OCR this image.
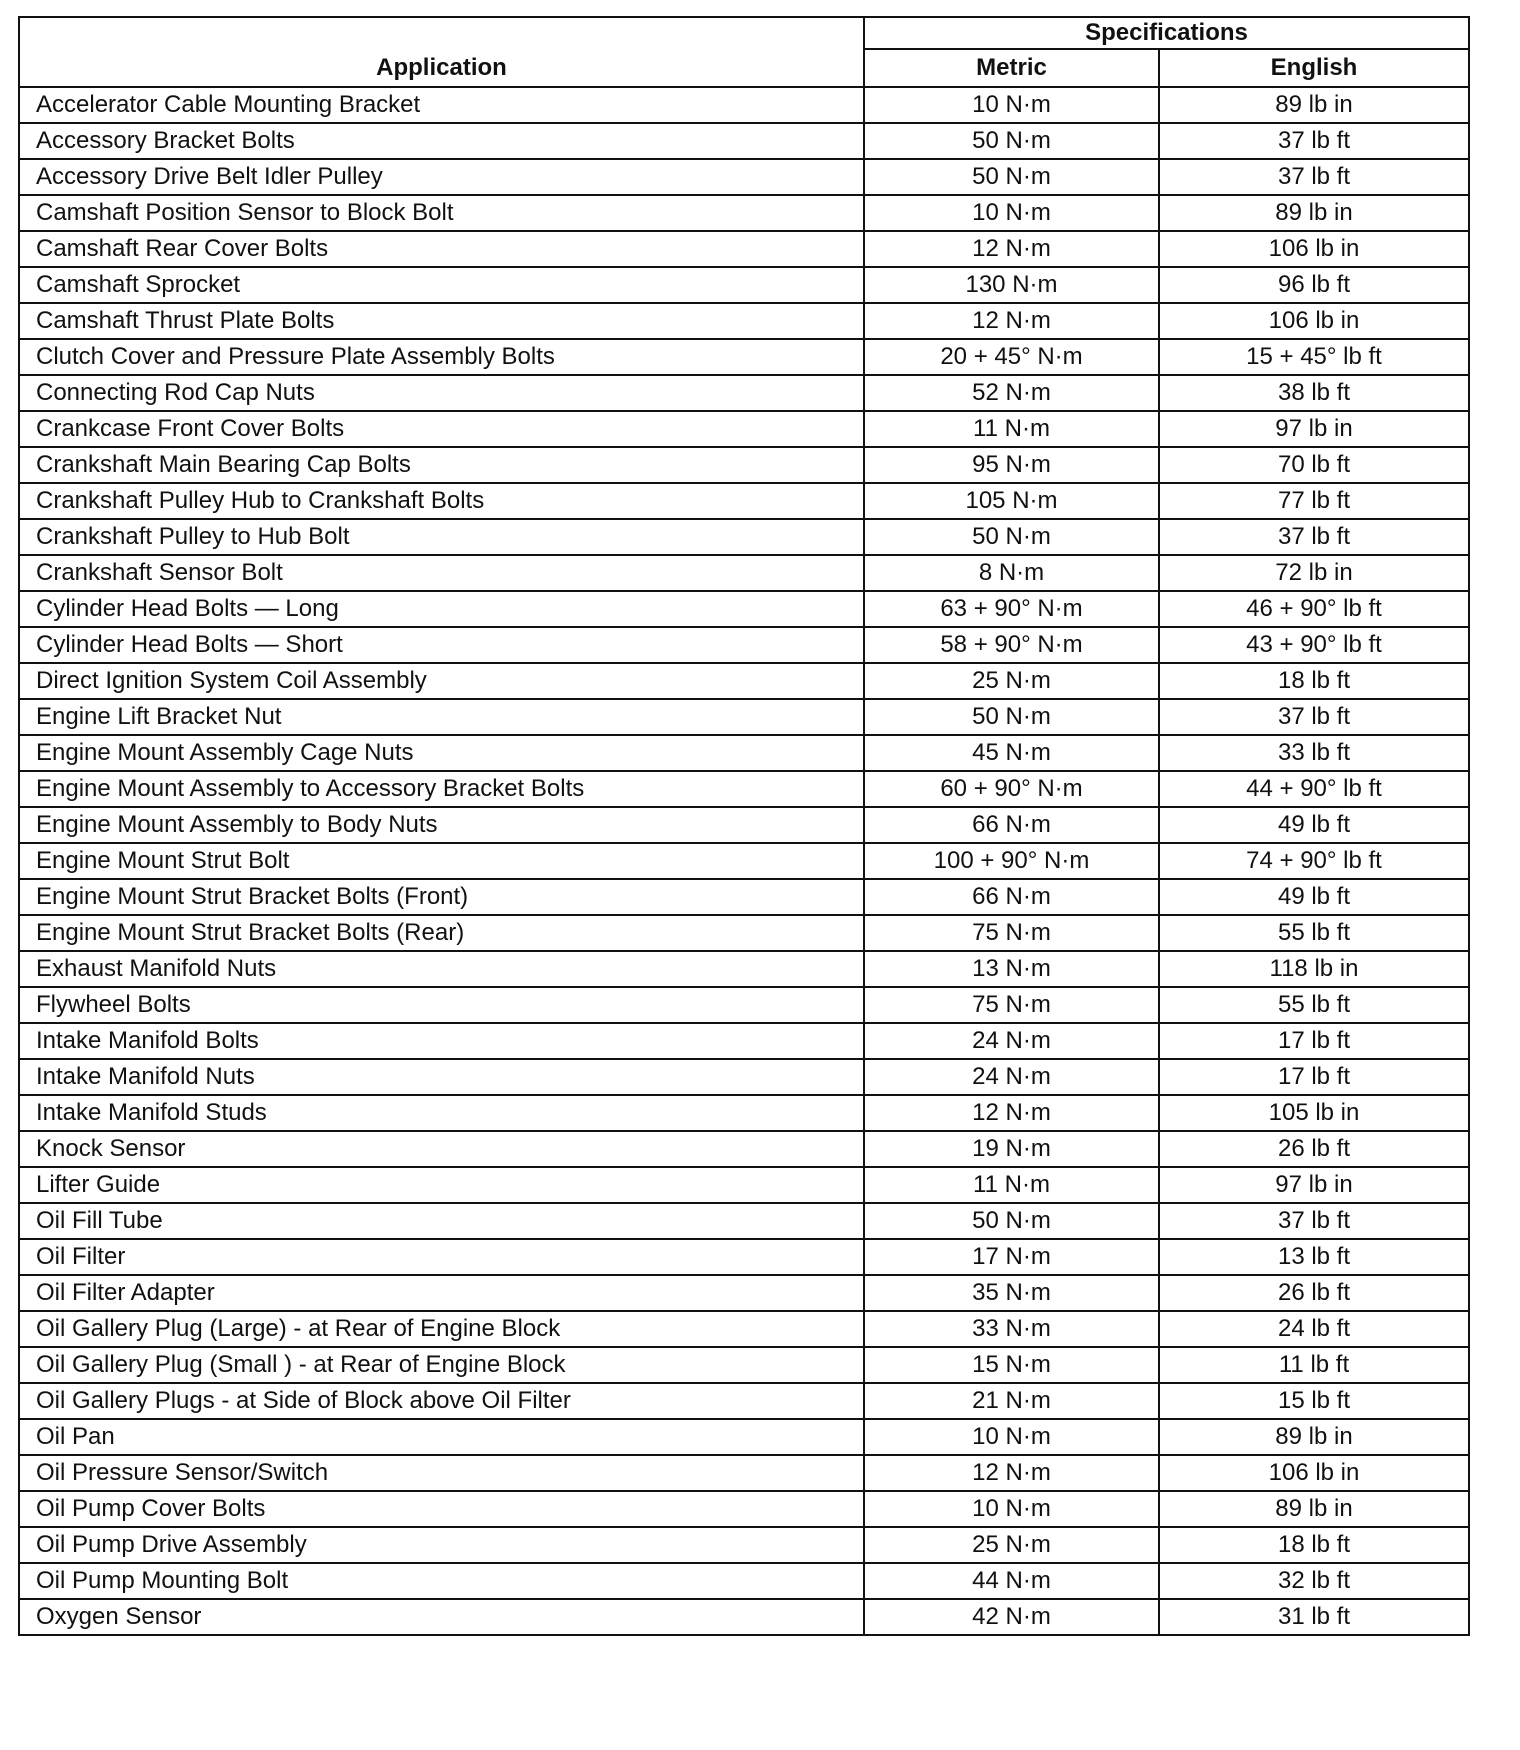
Application	Specifications	
	Metric	English
Accelerator Cable Mounting Bracket	10 N·m	89 lb in
Accessory Bracket Bolts	50 N·m	37 lb ft
Accessory Drive Belt Idler Pulley	50 N·m	37 lb ft
Camshaft Position Sensor to Block Bolt	10 N·m	89 lb in
Camshaft Rear Cover Bolts	12 N·m	106 lb in
Camshaft Sprocket	130 N·m	96 lb ft
Camshaft Thrust Plate Bolts	12 N·m	106 lb in
Clutch Cover and Pressure Plate Assembly Bolts	20 + 45° N·m	15 + 45° lb ft
Connecting Rod Cap Nuts	52 N·m	38 lb ft
Crankcase Front Cover Bolts	11 N·m	97 lb in
Crankshaft Main Bearing Cap Bolts	95 N·m	70 lb ft
Crankshaft Pulley Hub to Crankshaft Bolts	105 N·m	77 lb ft
Crankshaft Pulley to Hub Bolt	50 N·m	37 lb ft
Crankshaft Sensor Bolt	8 N·m	72 lb in
Cylinder Head Bolts — Long	63 + 90° N·m	46 + 90° lb ft
Cylinder Head Bolts — Short	58 + 90° N·m	43 + 90° lb ft
Direct Ignition System Coil Assembly	25 N·m	18 lb ft
Engine Lift Bracket Nut	50 N·m	37 lb ft
Engine Mount Assembly Cage Nuts	45 N·m	33 lb ft
Engine Mount Assembly to Accessory Bracket Bolts	60 + 90° N·m	44 + 90° lb ft
Engine Mount Assembly to Body Nuts	66 N·m	49 lb ft
Engine Mount Strut Bolt	100 + 90° N·m	74 + 90° lb ft
Engine Mount Strut Bracket Bolts (Front)	66 N·m	49 lb ft
Engine Mount Strut Bracket Bolts (Rear)	75 N·m	55 lb ft
Exhaust Manifold Nuts	13 N·m	118 lb in
Flywheel Bolts	75 N·m	55 lb ft
Intake Manifold Bolts	24 N·m	17 lb ft
Intake Manifold Nuts	24 N·m	17 lb ft
Intake Manifold Studs	12 N·m	105 lb in
Knock Sensor	19 N·m	26 lb ft
Lifter Guide	11 N·m	97 lb in
Oil Fill Tube	50 N·m	37 lb ft
Oil Filter	17 N·m	13 lb ft
Oil Filter Adapter	35 N·m	26 lb ft
Oil Gallery Plug (Large) - at Rear of Engine Block	33 N·m	24 lb ft
Oil Gallery Plug (Small ) - at Rear of Engine Block	15 N·m	11 lb ft
Oil Gallery Plugs - at Side of Block above Oil Filter	21 N·m	15 lb ft
Oil Pan	10 N·m	89 lb in
Oil Pressure Sensor/Switch	12 N·m	106 lb in
Oil Pump Cover Bolts	10 N·m	89 lb in
Oil Pump Drive Assembly	25 N·m	18 lb ft
Oil Pump Mounting Bolt	44 N·m	32 lb ft
Oxygen Sensor	42 N·m	31 lb ft
